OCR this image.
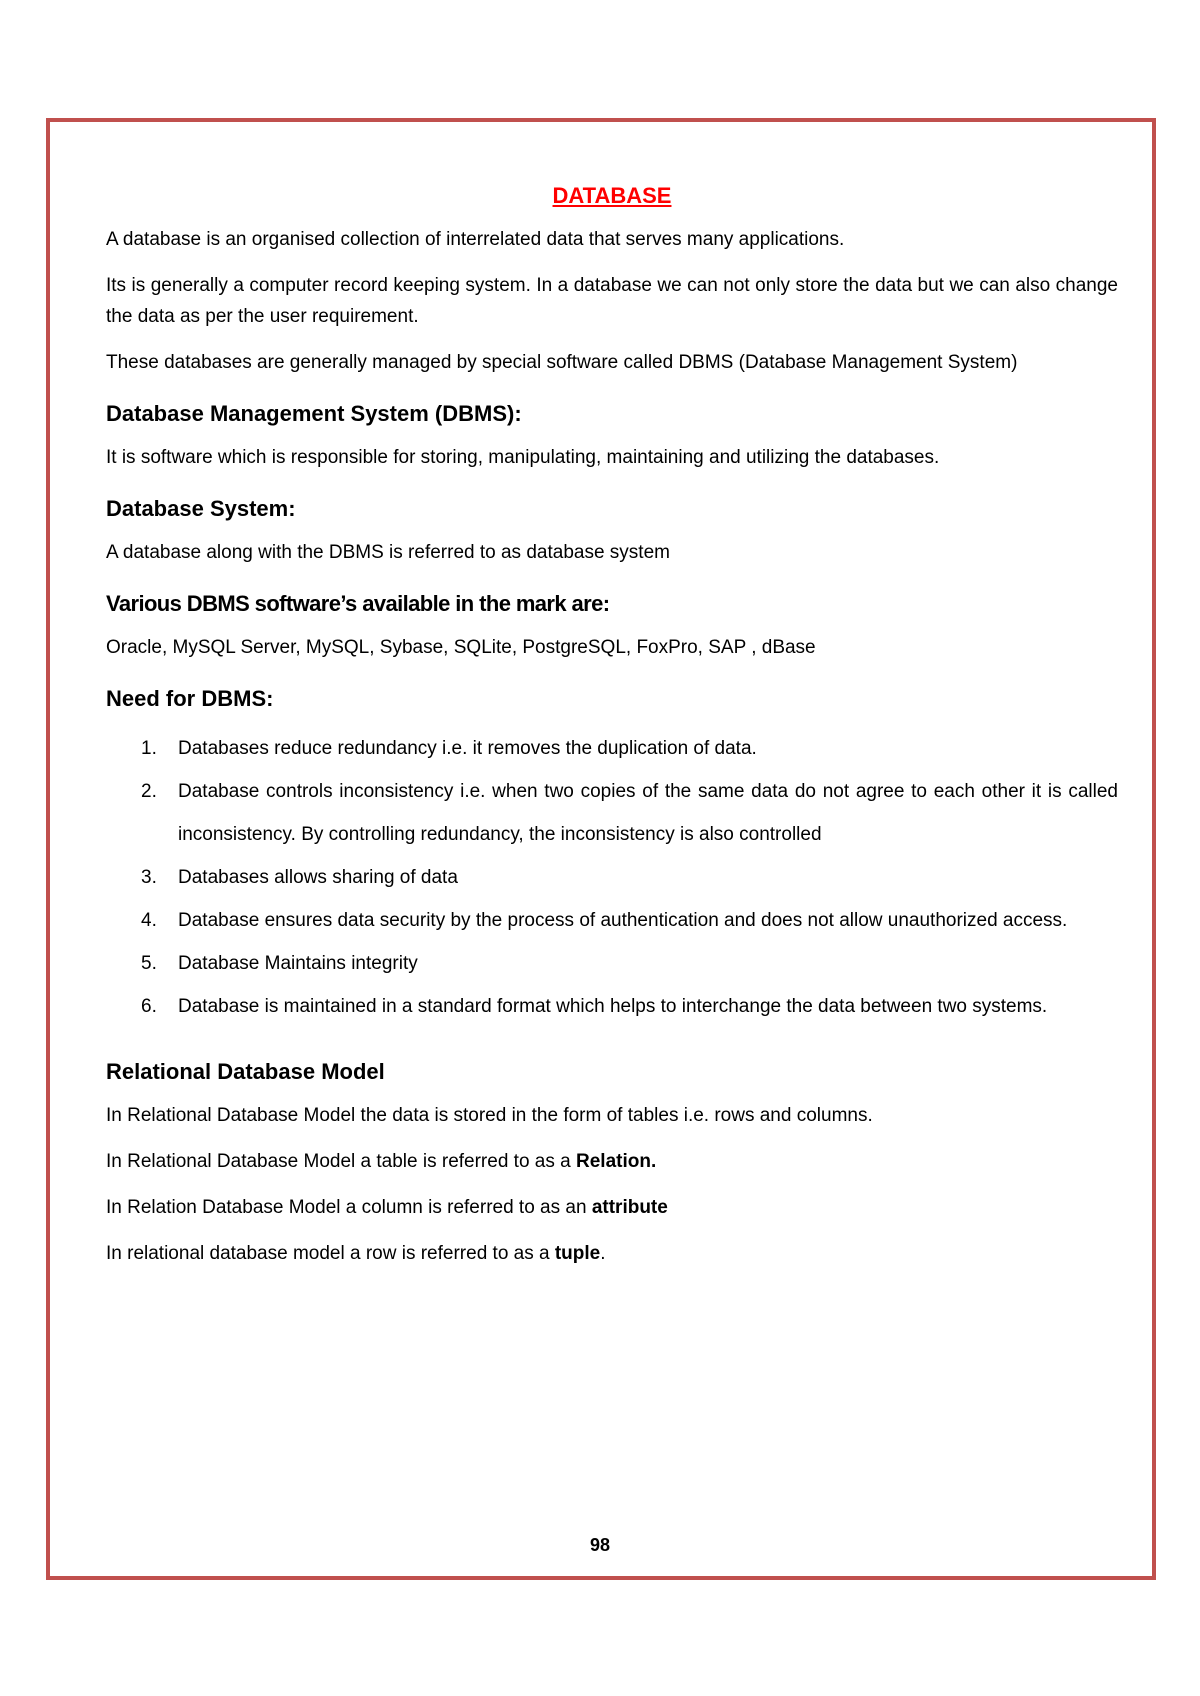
DATABASE

A database is an organised collection of interrelated data that serves many applications.

Its is generally a computer record keeping system. In a database we can not only store the data but we can also change the data as per the user requirement.

These databases are generally managed by special software called DBMS (Database Management System)

Database Management System (DBMS):

It is software which is responsible for storing, manipulating, maintaining and utilizing the databases.

Database System:

A database along with the DBMS is referred to as database system

Various DBMS software’s available in the mark are:

Oracle, MySQL Server, MySQL, Sybase, SQLite, PostgreSQL, FoxPro, SAP , dBase

Need for DBMS:
1. Databases reduce redundancy i.e. it removes the duplication of data.
2. Database controls inconsistency i.e. when two copies of the same data do not agree to each other it is called inconsistency. By controlling redundancy, the inconsistency is also controlled
3. Databases allows sharing of data
4. Database ensures data security by the process of authentication and does not allow unauthorized access.
5. Database Maintains integrity
6. Database is maintained in a standard format which helps to interchange the data between two systems.
Relational Database Model

In Relational Database Model the data is stored in the form of tables i.e. rows and columns.

In Relational Database Model a table is referred to as a Relation.

In Relation Database Model a column is referred to as an attribute

In relational database model a row is referred to as a tuple.

98
